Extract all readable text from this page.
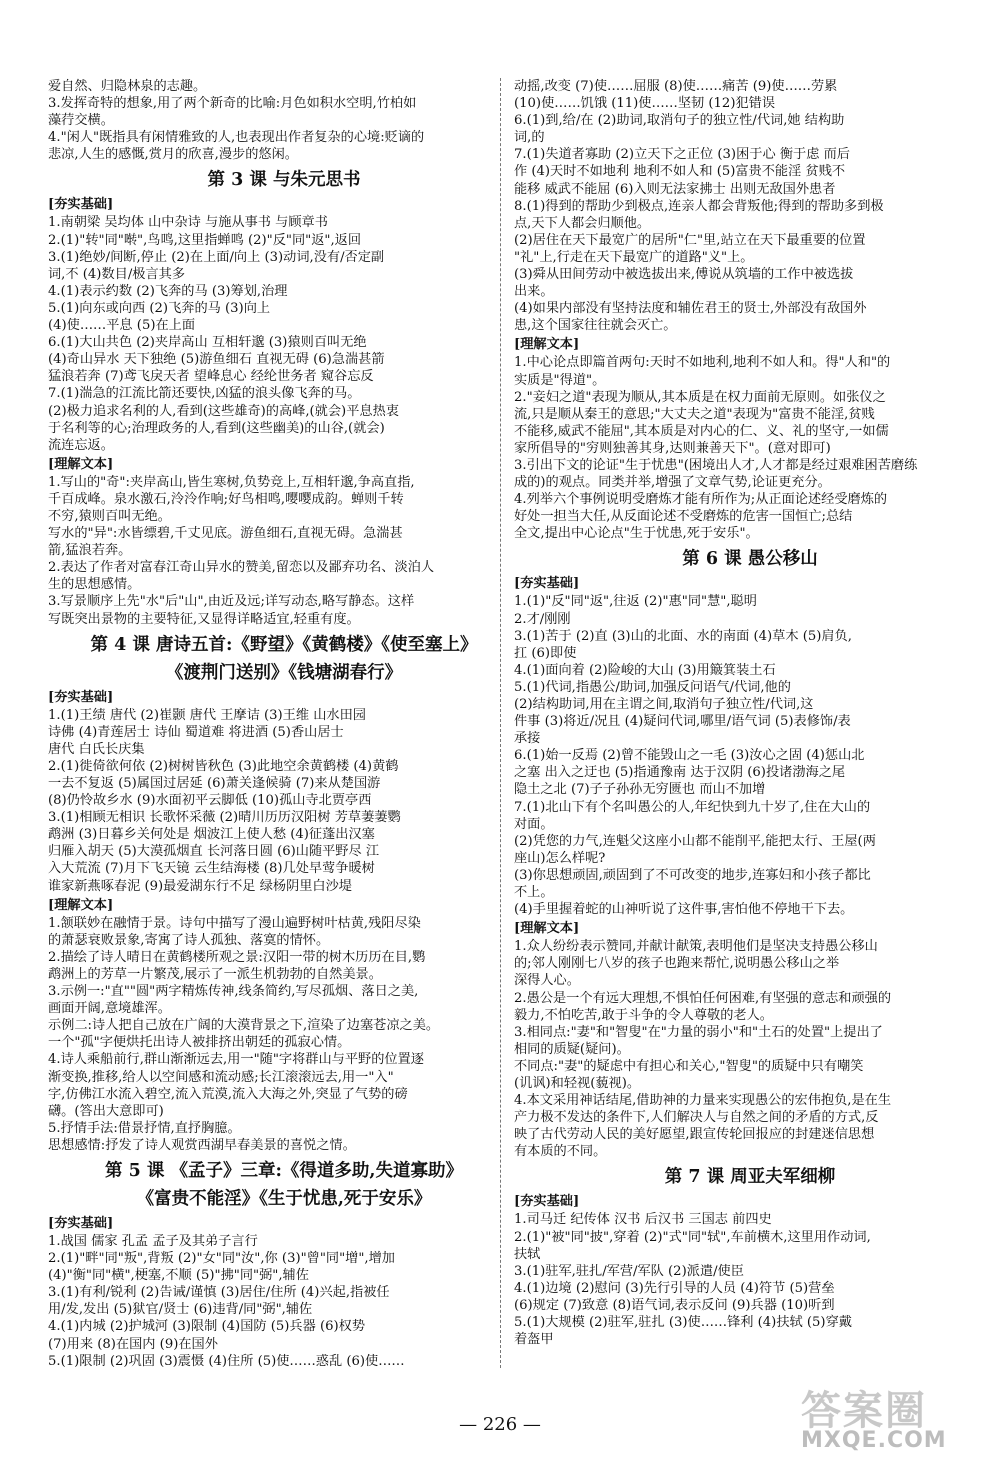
爱自然、归隐林泉的志趣。
3.发挥奇特的想象,用了两个新奇的比喻:月色如积水空明,竹柏如
藻荇交横。
4."闲人"既指具有闲情雅致的人,也表现出作者复杂的心境:贬谪的
悲凉,人生的感慨,赏月的欣喜,漫步的悠闲。
第 3 课 与朱元思书
[夯实基础]
1.南朝梁 吴均体 山中杂诗 与施从事书 与顾章书
2.(1)"转"同"啭",鸟鸣,这里指蝉鸣 (2)"反"同"返",返回
3.(1)绝妙/间断,停止 (2)在上面/向上 (3)动词,没有/否定副
词,不 (4)数目/极言其多
4.(1)表示约数 (2)飞奔的马 (3)筹划,治理
5.(1)向东或向西 (2)飞奔的马 (3)向上
(4)使……平息 (5)在上面
6.(1)大山共色 (2)夹岸高山 互相轩邈 (3)猿则百叫无绝
(4)奇山异水 天下独绝 (5)游鱼细石 直视无碍 (6)急湍甚箭
猛浪若奔 (7)鸢飞戾天者 望峰息心 经纶世务者 窥谷忘反
7.(1)湍急的江流比箭还要快,凶猛的浪头像飞奔的马。
(2)极力追求名利的人,看到(这些雄奇)的高峰,(就会)平息热衷
于名利等的心;治理政务的人,看到(这些幽美)的山谷,(就会)
流连忘返。
[理解文本]
1.写山的"奇":夹岸高山,皆生寒树,负势竞上,互相轩邈,争高直指,
千百成峰。泉水激石,泠泠作响;好鸟相鸣,嘤嘤成韵。蝉则千转
不穷,猿则百叫无绝。
写水的"异":水皆缥碧,千丈见底。游鱼细石,直视无碍。急湍甚
箭,猛浪若奔。
2.表达了作者对富春江奇山异水的赞美,留恋以及鄙弃功名、淡泊人
生的思想感情。
3.写景顺序上先"水"后"山",由近及远;详写动态,略写静态。这样
写既突出景物的主要特征,又显得详略适宜,轻重有度。
第 4 课 唐诗五首:《野望》《黄鹤楼》《使至塞上》
《渡荆门送别》《钱塘湖春行》
[夯实基础]
1.(1)王绩 唐代 (2)崔颢 唐代 王摩诘 (3)王维 山水田园
诗佛 (4)青莲居士 诗仙 蜀道难 将进酒 (5)香山居士
唐代 白氏长庆集
2.(1)徙倚欲何依 (2)树树皆秋色 (3)此地空余黄鹤楼 (4)黄鹤
一去不复返 (5)属国过居延 (6)萧关逢候骑 (7)来从楚国游
(8)仍怜故乡水 (9)水面初平云脚低 (10)孤山寺北贾亭西
3.(1)相顾无相识 长歌怀采薇 (2)晴川历历汉阳树 芳草萋萋鹦
鹉洲 (3)日暮乡关何处是 烟波江上使人愁 (4)征蓬出汉塞
归雁入胡天 (5)大漠孤烟直 长河落日圆 (6)山随平野尽 江
入大荒流 (7)月下飞天镜 云生结海楼 (8)几处早莺争暖树
谁家新燕啄春泥 (9)最爱湖东行不足 绿杨阴里白沙堤
[理解文本]
1.颔联妙在融情于景。诗句中描写了漫山遍野树叶枯黄,残阳尽染
的萧瑟衰败景象,寄寓了诗人孤独、落寞的情怀。
2.描绘了诗人晴日在黄鹤楼所观之景:汉阳一带的树木历历在目,鹦
鹉洲上的芳草一片繁茂,展示了一派生机勃勃的自然美景。
3.示例一:"直""圆"两字精炼传神,线条简约,写尽孤烟、落日之美,
画面开阔,意境雄浑。
示例二:诗人把自己放在广阔的大漠背景之下,渲染了边塞苍凉之美。
一个"孤"字便烘托出诗人被排挤出朝廷的孤寂心情。
4.诗人乘船前行,群山渐渐远去,用一"随"字将群山与平野的位置逐
渐变换,推移,给人以空间感和流动感;长江滚滚远去,用一"入"
字,仿佛江水流入碧空,流入荒漠,流入大海之外,突显了气势的磅
礴。(答出大意即可)
5.抒情手法:借景抒情,直抒胸臆。
思想感情:抒发了诗人观赏西湖早春美景的喜悦之情。
第 5 课 《孟子》三章:《得道多助,失道寡助》
《富贵不能淫》《生于忧患,死于安乐》
[夯实基础]
1.战国 儒家 孔孟 孟子及其弟子言行
2.(1)"畔"同"叛",背叛 (2)"女"同"汝",你 (3)"曾"同"增",增加
(4)"衡"同"横",梗塞,不顺 (5)"拂"同"弼",辅佐
3.(1)有利/锐利 (2)告诫/谨慎 (3)居住/住所 (4)兴起,指被任
用/发,发出 (5)狱官/贤士 (6)违背/同"弼",辅佐
4.(1)内城 (2)护城河 (3)限制 (4)国防 (5)兵器 (6)权势
(7)用来 (8)在国内 (9)在国外
5.(1)限制 (2)巩固 (3)震慑 (4)住所 (5)使……惑乱 (6)使……
动摇,改变 (7)使……屈服 (8)使……痛苦 (9)使……劳累
(10)使……饥饿 (11)使……坚韧 (12)犯错误
6.(1)到,给/在 (2)助词,取消句子的独立性/代词,她 结构助
词,的
7.(1)失道者寡助 (2)立天下之正位 (3)困于心 衡于虑 而后
作 (4)天时不如地利 地利不如人和 (5)富贵不能淫 贫贱不
能移 威武不能屈 (6)入则无法家拂士 出则无敌国外患者
8.(1)得到的帮助少到极点,连亲人都会背叛他;得到的帮助多到极
点,天下人都会归顺他。
(2)居住在天下最宽广的居所"仁"里,站立在天下最重要的位置
"礼"上,行走在天下最宽广的道路"义"上。
(3)舜从田间劳动中被选拔出来,傅说从筑墙的工作中被选拔
出来。
(4)如果内部没有坚持法度和辅佐君王的贤士,外部没有敌国外
患,这个国家往往就会灭亡。
[理解文本]
1.中心论点即篇首两句:天时不如地利,地利不如人和。得"人和"的
实质是"得道"。
2."妾妇之道"表现为顺从,其本质是在权力面前无原则。如张仪之
流,只是顺从秦王的意思;"大丈夫之道"表现为"富贵不能淫,贫贱
不能移,威武不能屈",其本质是对内心的仁、义、礼的坚守,一如儒
家所倡导的"穷则独善其身,达则兼善天下"。(意对即可)
3.引出下文的论证"生于忧患"(困境出人才,人才都是经过艰难困苦磨练
成的)的观点。同类并举,增强了文章气势,论证更充分。
4.列举六个事例说明受磨炼才能有所作为;从正面论述经受磨炼的
好处一担当大任,从反面论述不受磨炼的危害一国恒亡;总结
全文,提出中心论点"生于忧患,死于安乐"。
第 6 课 愚公移山
[夯实基础]
1.(1)"反"同"返",往返 (2)"惠"同"慧",聪明
2.才/刚刚
3.(1)苦于 (2)直 (3)山的北面、水的南面 (4)草木 (5)肩负,
扛 (6)即使
4.(1)面向着 (2)险峻的大山 (3)用簸箕装土石
5.(1)代词,指愚公/助词,加强反问语气/代词,他的
(2)结构助词,用在主谓之间,取消句子独立性/代词,这
件事 (3)将近/况且 (4)疑问代词,哪里/语气词 (5)表修饰/表
承接
6.(1)始一反焉 (2)曾不能毁山之一毛 (3)汝心之固 (4)惩山北
之塞 出入之迂也 (5)指通豫南 达于汉阴 (6)投诸渤海之尾
隐土之北 (7)子子孙孙无穷匮也 而山不加增
7.(1)北山下有个名叫愚公的人,年纪快到九十岁了,住在大山的
对面。
(2)凭您的力气,连魁父这座小山都不能削平,能把太行、王屋(两
座山)怎么样呢?
(3)你思想顽固,顽固到了不可改变的地步,连寡妇和小孩子都比
不上。
(4)手里握着蛇的山神听说了这件事,害怕他不停地干下去。
[理解文本]
1.众人纷纷表示赞同,并献计献策,表明他们是坚决支持愚公移山
的;邻人刚刚七八岁的孩子也跑来帮忙,说明愚公移山之举
深得人心。
2.愚公是一个有远大理想,不惧怕任何困难,有坚强的意志和顽强的
毅力,不怕吃苦,敢于斗争的令人尊敬的老人。
3.相同点:"妻"和"智叟"在"力量的弱小"和"土石的处置"上提出了
相同的质疑(疑问)。
不同点:"妻"的疑虑中有担心和关心,"智叟"的质疑中只有嘲笑
(讥讽)和轻视(藐视)。
4.本文采用神话结尾,借助神的力量来实现愚公的宏伟抱负,是在生
产力极不发达的条件下,人们解决人与自然之间的矛盾的方式,反
映了古代劳动人民的美好愿望,跟宣传轮回报应的封建迷信思想
有本质的不同。
第 7 课 周亚夫军细柳
[夯实基础]
1.司马迁 纪传体 汉书 后汉书 三国志 前四史
2.(1)"被"同"披",穿着 (2)"式"同"轼",车前横木,这里用作动词,
扶轼
3.(1)驻军,驻扎/军营/军队 (2)派遣/使臣
4.(1)边境 (2)慰问 (3)先行引导的人员 (4)符节 (5)营垒
(6)规定 (7)致意 (8)语气词,表示反问 (9)兵器 (10)听到
5.(1)大规模 (2)驻军,驻扎 (3)使……锋利 (4)扶轼 (5)穿戴
着盔甲
— 226 —	答案圈
MXQE.COM
